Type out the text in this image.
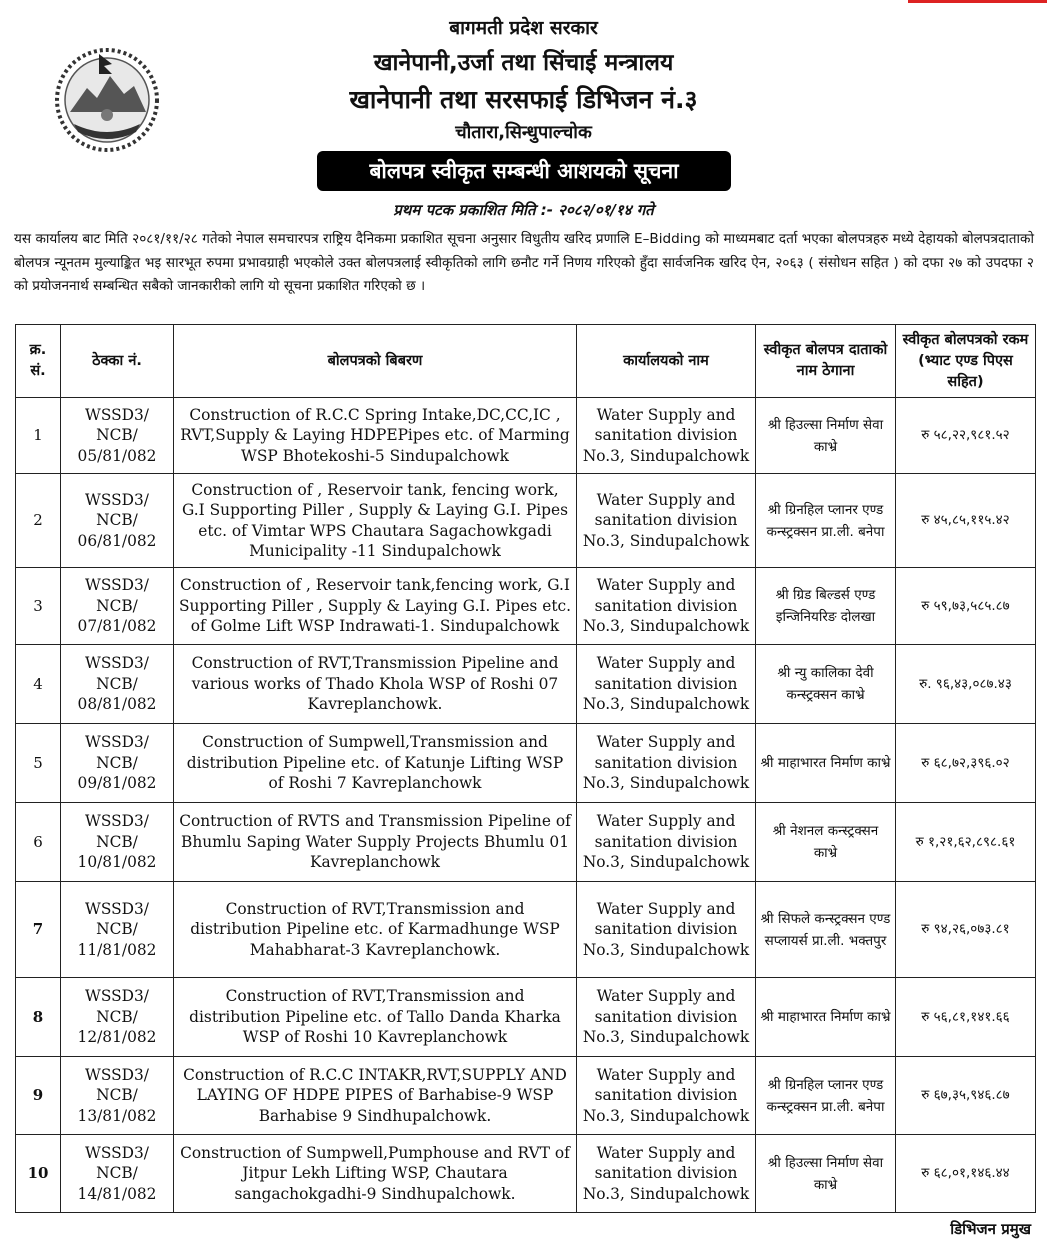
बागमती प्रदेश सरकार
खानेपानी,उर्जा तथा सिंचाई मन्त्रालय
खानेपानी तथा सरसफाई डिभिजन नं.३
चौतारा,सिन्धुपाल्चोक
बोलपत्र स्वीकृत सम्बन्धी आशयको सूचना
प्रथम पटक प्रकाशित मिति :- २०८२/०१/१४ गते
यस कार्यालय बाट मिति २०८१/११/२८ गतेको नेपाल समचारपत्र राष्ट्रिय दैनिकमा प्रकाशित सूचना अनुसार विधुतीय खरिद प्रणालि E–Bidding को माध्यमबाट दर्ता भएका बोलपत्रहरु मध्ये देहायको बोलपत्रदाताको बोलपत्र न्यूनतम मुल्याङ्कित भइ सारभूत रुपमा प्रभावग्राही भएकोले उक्त बोलपत्रलाई स्वीकृतिको लागि छनौट गर्ने निणय गरिएको हुँदा सार्वजनिक खरिद ऐन, २०६३ ( संसोधन सहित ) को दफा २७ को उपदफा २ को प्रयोजननार्थ सम्बन्धित सबैको जानकारीको लागि यो सूचना प्रकाशित गरिएको छ ।
क्र. सं.	ठेक्का नं.	बोलपत्रको बिबरण	कार्यालयको नाम	स्वीकृत बोलपत्र दाताको नाम ठेगाना	स्वीकृत बोलपत्रको रकम (भ्याट एण्ड पिएस सहित)
1	WSSD3/ NCB/ 05/81/082	Construction of R.C.C Spring Intake,DC,CC,IC , RVT,Supply & Laying HDPEPipes etc. of Marming WSP Bhotekoshi-5 Sindupalchowk	Water Supply and sanitation division No.3, Sindupalchowk	श्री हिउल्सा निर्माण सेवा काभ्रे	रु ५८,२२,९८१.५२
2	WSSD3/ NCB/ 06/81/082	Construction of , Reservoir tank, fencing work, G.I Supporting Piller , Supply & Laying G.I. Pipes etc. of Vimtar WPS Chautara Sagachowkgadi Municipality -11 Sindupalchowk	Water Supply and sanitation division No.3, Sindupalchowk	श्री ग्रिनहिल प्लानर एण्ड कन्स्ट्रक्सन प्रा.ली. बनेपा	रु ४५,८५,११५.४२
3	WSSD3/ NCB/ 07/81/082	Construction of , Reservoir tank,fencing work, G.I Supporting Piller , Supply & Laying G.I. Pipes etc. of Golme Lift WSP Indrawati-1. Sindupalchowk	Water Supply and sanitation division No.3, Sindupalchowk	श्री ग्रिड बिल्डर्स एण्ड इन्जिनियरिङ दोलखा	रु ५९,७३,५८५.८७
4	WSSD3/ NCB/ 08/81/082	Construction of RVT,Transmission Pipeline and various works of Thado Khola WSP of Roshi 07 Kavreplanchowk.	Water Supply and sanitation division No.3, Sindupalchowk	श्री न्यु कालिका देवी कन्स्ट्रक्सन काभ्रे	रु. ९६,४३,०८७.४३
5	WSSD3/ NCB/ 09/81/082	Construction of Sumpwell,Transmission and distribution Pipeline etc. of Katunje Lifting WSP of Roshi 7 Kavreplanchowk	Water Supply and sanitation division No.3, Sindupalchowk	श्री माहाभारत निर्माण काभ्रे	रु ६८,७२,३९६.०२
6	WSSD3/ NCB/ 10/81/082	Contruction of RVTS and Transmission Pipeline of Bhumlu Saping Water Supply Projects Bhumlu 01 Kavreplanchowk	Water Supply and sanitation division No.3, Sindupalchowk	श्री नेशनल कन्स्ट्रक्सन काभ्रे	रु १,२१,६२,८९८.६१
7	WSSD3/ NCB/ 11/81/082	Construction of RVT,Transmission and distribution Pipeline etc. of Karmadhunge WSP Mahabharat-3 Kavreplanchowk.	Water Supply and sanitation division No.3, Sindupalchowk	श्री सिफले कन्स्ट्रक्सन एण्ड सप्लायर्स प्रा.ली. भक्तपुर	रु ९४,२६,०७३.८१
8	WSSD3/ NCB/ 12/81/082	Construction of RVT,Transmission and distribution Pipeline etc. of Tallo Danda Kharka WSP of Roshi 10 Kavreplanchowk	Water Supply and sanitation division No.3, Sindupalchowk	श्री माहाभारत निर्माण काभ्रे	रु ५६,८१,१४१.६६
9	WSSD3/ NCB/ 13/81/082	Construction of R.C.C INTAKR,RVT,SUPPLY AND LAYING OF HDPE PIPES of Barhabise-9 WSP Barhabise 9 Sindhupalchowk.	Water Supply and sanitation division No.3, Sindupalchowk	श्री ग्रिनहिल प्लानर एण्ड कन्स्ट्रक्सन प्रा.ली. बनेपा	रु ६७,३५,९४६.८७
10	WSSD3/ NCB/ 14/81/082	Construction of Sumpwell,Pumphouse and RVT of Jitpur Lekh Lifting WSP, Chautara sangachokgadhi-9 Sindhupalchowk.	Water Supply and sanitation division No.3, Sindupalchowk	श्री हिउल्सा निर्माण सेवा काभ्रे	रु ६८,०१,१४६.४४
डिभिजन प्रमुख
